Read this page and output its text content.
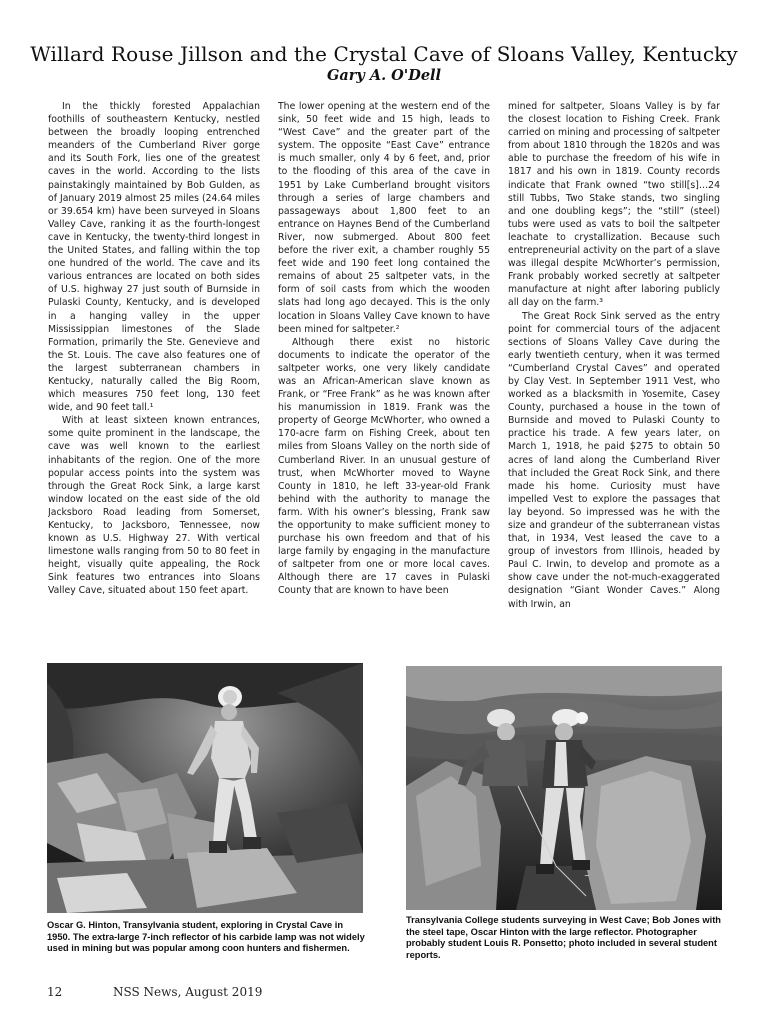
Willard Rouse Jillson and the Crystal Cave of Sloans Valley, Kentucky
Gary A. O'Dell

In the thickly forested Appalachian foothills of southeastern Kentucky, nestled between the broadly looping entrenched meanders of the Cumberland River gorge and its South Fork, lies one of the greatest caves in the world. According to the lists painstakingly maintained by Bob Gulden, as of January 2019 almost 25 miles (24.64 miles or 39.654 km) have been surveyed in Sloans Valley Cave, ranking it as the fourth-longest cave in Kentucky, the twenty-third longest in the United States, and falling within the top one hundred of the world. The cave and its various entrances are located on both sides of U.S. highway 27 just south of Burnside in Pulaski County, Kentucky, and is developed in a hanging valley in the upper Mississippian limestones of the Slade Formation, primarily the Ste. Genevieve and the St. Louis. The cave also features one of the largest subterranean chambers in Kentucky, naturally called the Big Room, which measures 750 feet long, 130 feet wide, and 90 feet tall.¹

With at least sixteen known entrances, some quite prominent in the landscape, the cave was well known to the earliest inhabitants of the region. One of the more popular access points into the system was through the Great Rock Sink, a large karst window located on the east side of the old Jacksboro Road leading from Somerset, Kentucky, to Jacksboro, Tennessee, now known as U.S. Highway 27. With vertical limestone walls ranging from 50 to 80 feet in height, visually quite appealing, the Rock Sink features two entrances into Sloans Valley Cave, situated about 150 feet apart.

The lower opening at the western end of the sink, 50 feet wide and 15 high, leads to “West Cave” and the greater part of the system. The opposite “East Cave” entrance is much smaller, only 4 by 6 feet, and, prior to the flooding of this area of the cave in 1951 by Lake Cumberland brought visitors through a series of large chambers and passageways about 1,800 feet to an entrance on Haynes Bend of the Cumberland River, now submerged. About 800 feet before the river exit, a chamber roughly 55 feet wide and 190 feet long contained the remains of about 25 saltpeter vats, in the form of soil casts from which the wooden slats had long ago decayed. This is the only location in Sloans Valley Cave known to have been mined for saltpeter.²

Although there exist no historic documents to indicate the operator of the saltpeter works, one very likely candidate was an African-American slave known as Frank, or “Free Frank” as he was known after his manumission in 1819. Frank was the property of George McWhorter, who owned a 170-acre farm on Fishing Creek, about ten miles from Sloans Valley on the north side of Cumberland River. In an unusual gesture of trust, when McWhorter moved to Wayne County in 1810, he left 33-year-old Frank behind with the authority to manage the farm. With his owner’s blessing, Frank saw the opportunity to make sufficient money to purchase his own freedom and that of his large family by engaging in the manufacture of saltpeter from one or more local caves. Although there are 17 caves in Pulaski County that are known to have been

mined for saltpeter, Sloans Valley is by far the closest location to Fishing Creek. Frank carried on mining and processing of saltpeter from about 1810 through the 1820s and was able to purchase the freedom of his wife in 1817 and his own in 1819. County records indicate that Frank owned “two still[s]…24 still Tubbs, Two Stake stands, two singling and one doubling kegs”; the “still” (steel) tubs were used as vats to boil the saltpeter leachate to crystallization. Because such entrepreneurial activity on the part of a slave was illegal despite McWhorter’s permission, Frank probably worked secretly at saltpeter manufacture at night after laboring publicly all day on the farm.³

The Great Rock Sink served as the entry point for commercial tours of the adjacent sections of Sloans Valley Cave during the early twentieth century, when it was termed “Cumberland Crystal Caves” and operated by Clay Vest. In September 1911 Vest, who worked as a blacksmith in Yosemite, Casey County, purchased a house in the town of Burnside and moved to Pulaski County to practice his trade. A few years later, on March 1, 1918, he paid $275 to obtain 50 acres of land along the Cumberland River that included the Great Rock Sink, and there made his home. Curiosity must have impelled Vest to explore the passages that lay beyond. So impressed was he with the size and grandeur of the subterranean vistas that, in 1934, Vest leased the cave to a group of investors from Illinois, headed by Paul C. Irwin, to develop and promote as a show cave under the not-much-exaggerated designation “Giant Wonder Caves.” Along with Irwin, an

Oscar G. Hinton, Transylvania student, exploring in Crystal Cave in 1950. The extra-large 7-inch reflector of his carbide lamp was not widely used in mining but was popular among coon hunters and fishermen.
~
Transylvania College students surveying in West Cave; Bob Jones with the steel tape, Oscar Hinton with the large reflector. Photographer probably student Louis R. Ponsetto; photo included in several student reports.
12	NSS News, August 2019
